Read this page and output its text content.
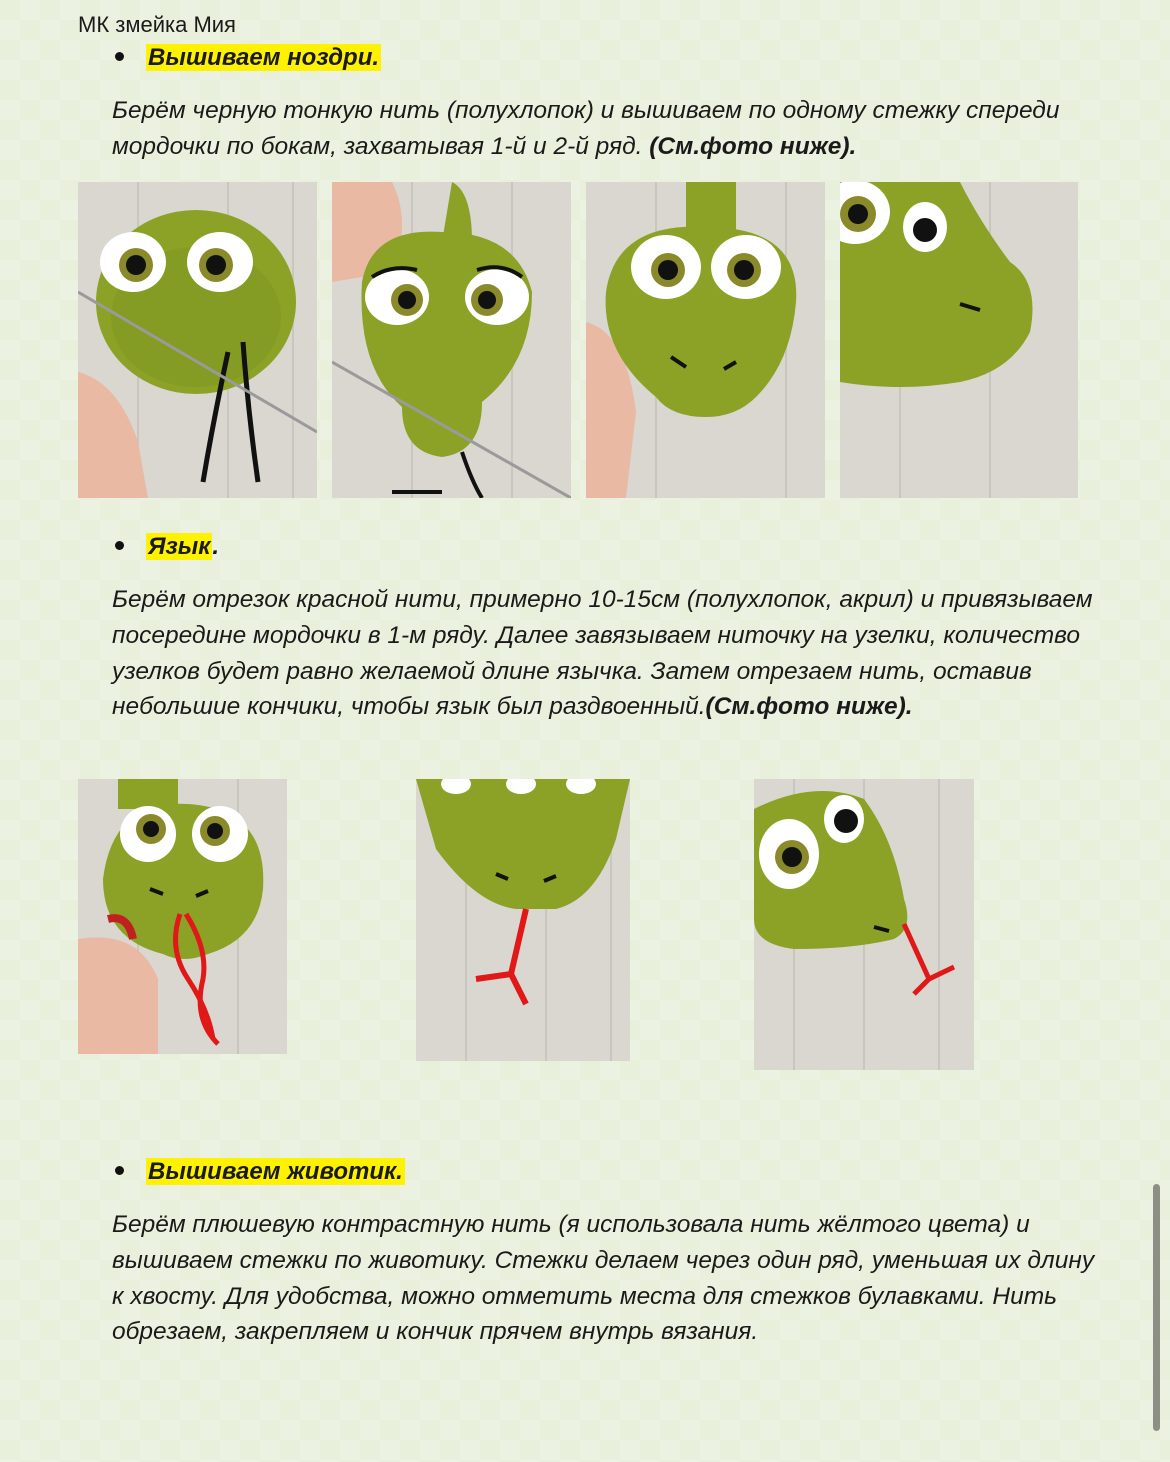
МК змейка Мия
Вышиваем ноздри.
Берём черную тонкую нить (полухлопок) и вышиваем по одному стежку спереди мордочки по бокам, захватывая 1-й и 2-й ряд. (См.фото ниже).
Язык.
Берём отрезок красной нити, примерно 10-15см (полухлопок, акрил) и привязываем посередине мордочки в 1-м ряду. Далее завязываем ниточку на узелки, количество узелков будет равно желаемой длине язычка. Затем отрезаем нить, оставив небольшие кончики, чтобы язык был раздвоенный.(См.фото ниже).
Вышиваем животик.
Берём плюшевую контрастную нить (я использовала нить жёлтого цвета) и вышиваем стежки по животику. Стежки делаем через один ряд, уменьшая их длину к хвосту. Для удобства, можно отметить места для стежков булавками. Нить обрезаем, закрепляем и кончик прячем внутрь вязания.
